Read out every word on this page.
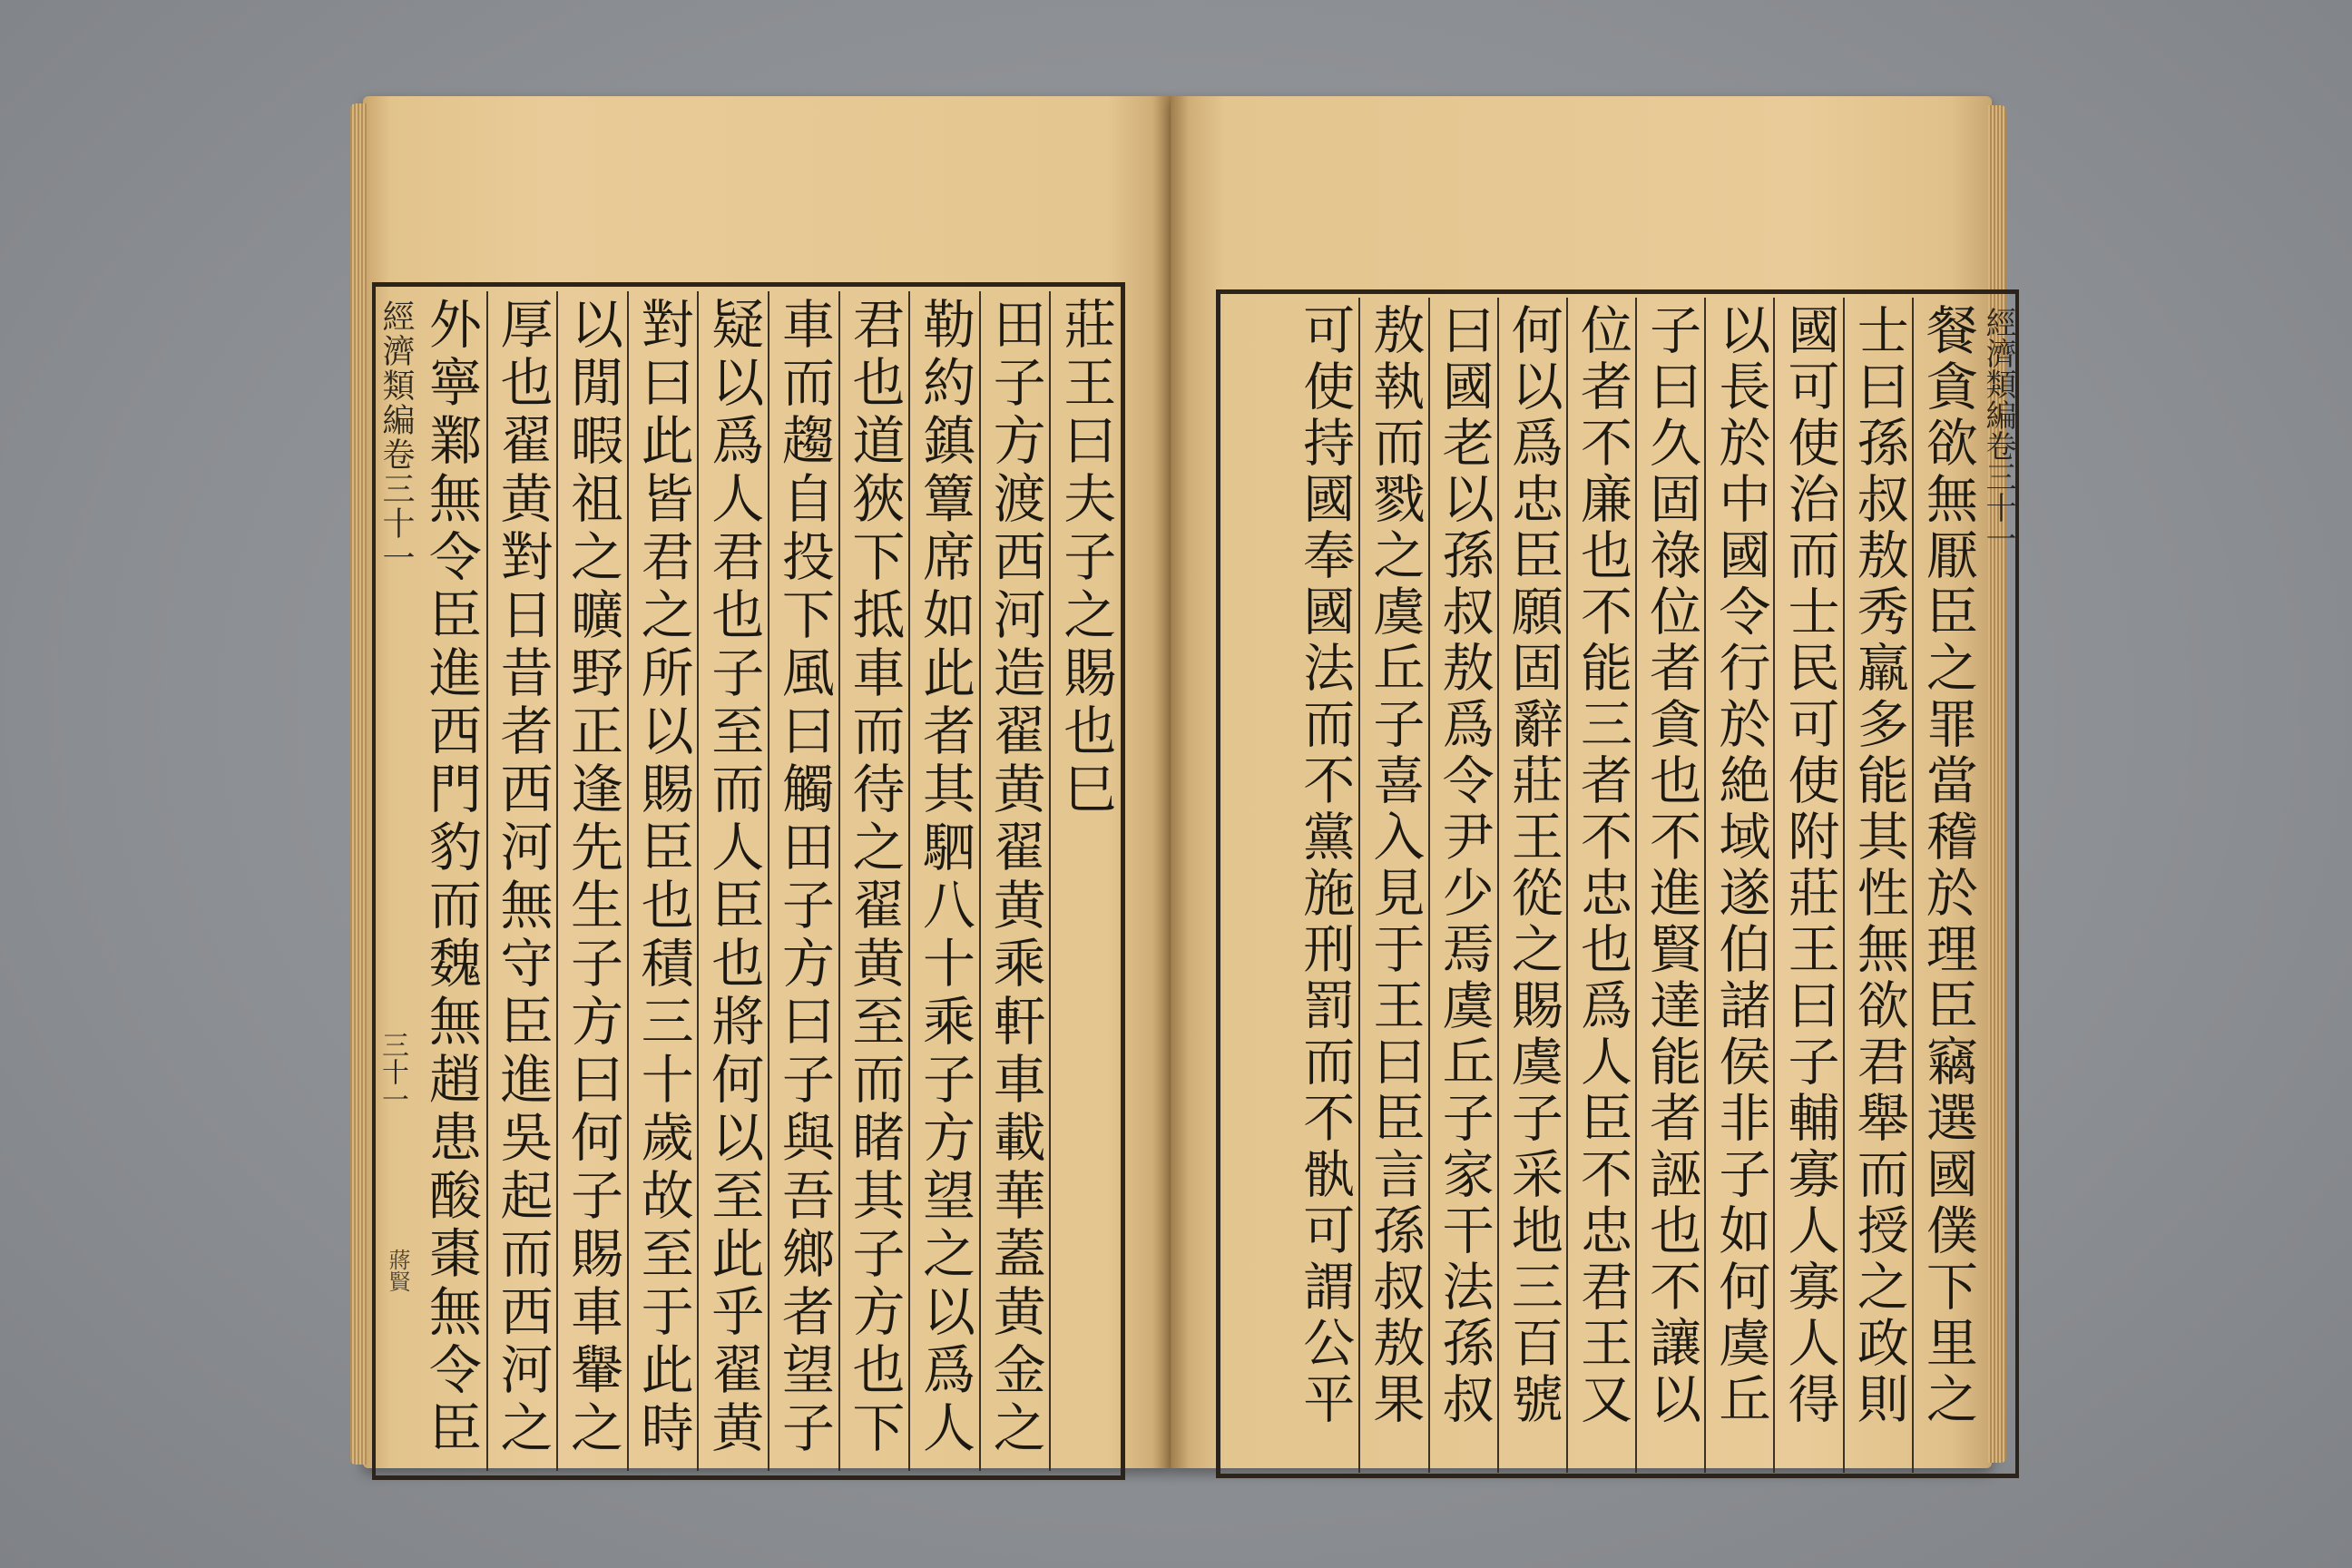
經濟類編卷三十一
三十一
蔣賢
莊王曰夫子之賜也巳
田子方渡西河造翟黄翟黄乘軒車載華蓋黄金之
勒約鎮簟席如此者其駟八十乘子方望之以爲人
君也道狹下抵車而待之翟黄至而睹其子方也下
車而趨自投下風曰觸田子方曰子與吾鄉者望子
疑以爲人君也子至而人臣也將何以至此乎翟黄
對曰此皆君之所以賜臣也積三十歲故至于此時
以閒暇祖之曠野正逢先生子方曰何子賜車轝之
厚也翟黄對日昔者西河無守臣進吳起而西河之
外寧鄴無令臣進西門豹而魏無趙患酸棗無令臣	經濟類編卷三十一
餐貪欲無厭臣之罪當稽於理臣竊選國僕下里之
士曰孫叔敖秀羸多能其性無欲君舉而授之政則
國可使治而士民可使附莊王曰子輔寡人寡人得
以長於中國令行於絶域遂伯諸侯非子如何虞丘
子曰久固祿位者貪也不進賢達能者誣也不讓以
位者不廉也不能三者不忠也爲人臣不忠君王又
何以爲忠臣願固辭莊王從之賜虞子采地三百號
曰國老以孫叔敖爲令尹少焉虞丘子家干法孫叔
敖執而戮之虞丘子喜入見于王曰臣言孫叔敖果
可使持國奉國法而不黨施刑罰而不骫可謂公平
